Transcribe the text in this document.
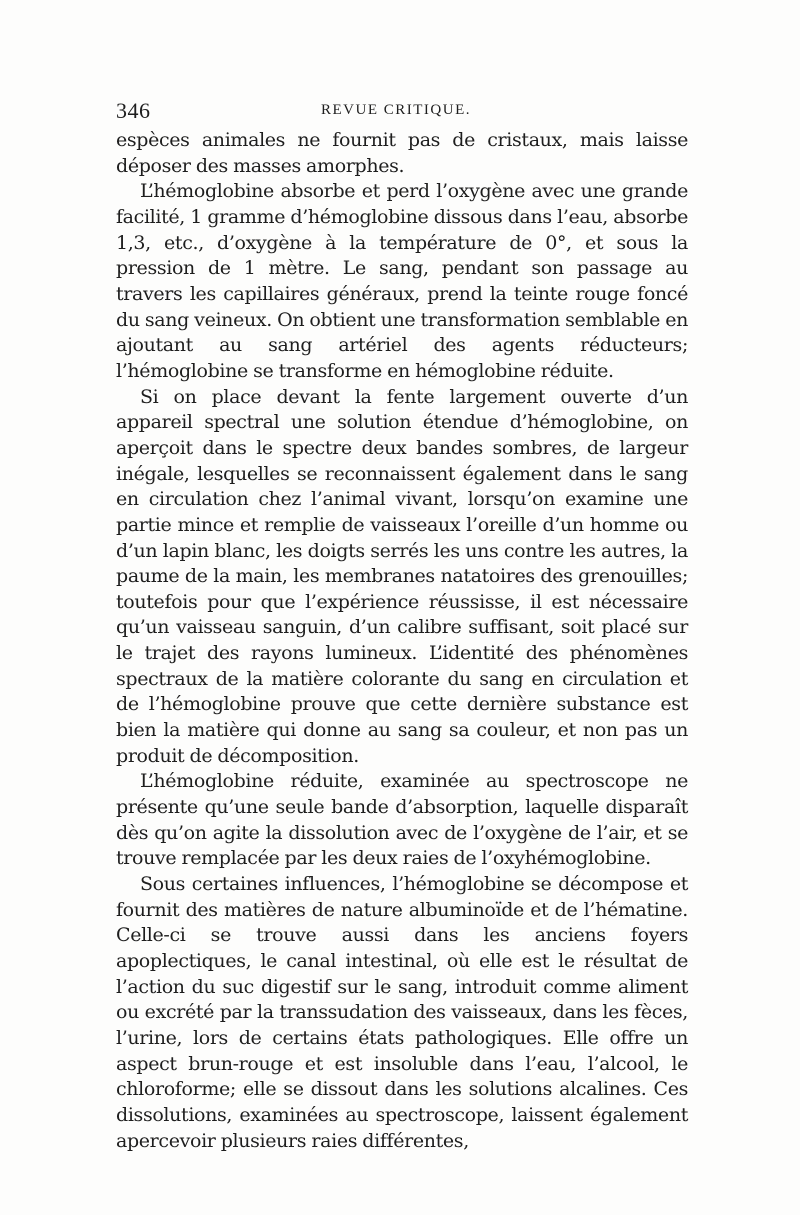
346	REVUE CRITIQUE.

espèces animales ne fournit pas de cristaux, mais laisse déposer des masses amorphes.

L’hémoglobine absorbe et perd l’oxygène avec une grande facilité, 1 gramme d’hémoglobine dissous dans l’eau, absorbe 1,3, etc., d’oxygène à la température de 0°, et sous la pression de 1 mètre. Le sang, pendant son passage au travers les capillaires généraux, prend la teinte rouge foncé du sang veineux. On obtient une transformation semblable en ajoutant au sang artériel des agents réducteurs; l’hémoglobine se transforme en hémoglobine réduite.

Si on place devant la fente largement ouverte d’un appareil spectral une solution étendue d’hémoglobine, on aperçoit dans le spectre deux bandes sombres, de largeur inégale, lesquelles se reconnaissent également dans le sang en circulation chez l’animal vivant, lorsqu’on examine une partie mince et remplie de vaisseaux l’oreille d’un homme ou d’un lapin blanc, les doigts serrés les uns contre les autres, la paume de la main, les membranes natatoires des grenouilles; toutefois pour que l’expérience réussisse, il est nécessaire qu’un vaisseau sanguin, d’un calibre suffisant, soit placé sur le trajet des rayons lumineux. L’identité des phénomènes spectraux de la matière colorante du sang en circulation et de l’hémoglobine prouve que cette dernière substance est bien la matière qui donne au sang sa couleur, et non pas un produit de décomposition.

L’hémoglobine réduite, examinée au spectroscope ne présente qu’une seule bande d’absorption, laquelle disparaît dès qu’on agite la dissolution avec de l’oxygène de l’air, et se trouve remplacée par les deux raies de l’oxyhémoglobine.

Sous certaines influences, l’hémoglobine se décompose et fournit des matières de nature albuminoïde et de l’hématine. Celle-ci se trouve aussi dans les anciens foyers apoplectiques, le canal intestinal, où elle est le résultat de l’action du suc digestif sur le sang, introduit comme aliment ou excrété par la transsudation des vaisseaux, dans les fèces, l’urine, lors de certains états pathologiques. Elle offre un aspect brun-rouge et est insoluble dans l’eau, l’alcool, le chloroforme; elle se dissout dans les solutions alcalines. Ces dissolutions, examinées au spectroscope, laissent également apercevoir plusieurs raies différentes,
